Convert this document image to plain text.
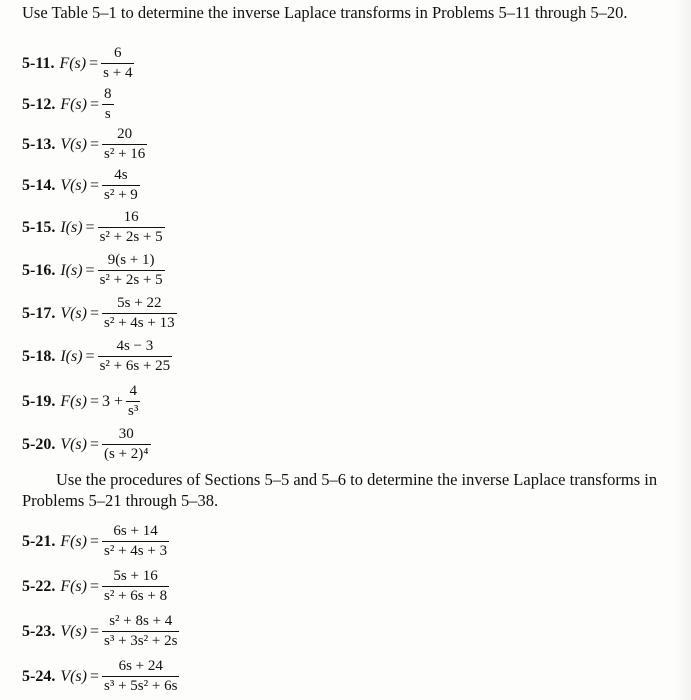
Use Table 5–1 to determine the inverse Laplace transforms in Problems 5–11 through 5–20.
5-11. $F(s) = \frac{6}{s + 4}$
5-12. $F(s) = \frac{8}{s}$
5-13. $V(s) = \frac{20}{\text{s² + 16}}$
5-14. $V(s) = \frac{4s}{\text{s² + 9}}$
5-15. $I(s) = \frac{16}{\text{s² + 2s + 5}}$
5-16. $I(s) = \frac{9(s + 1)}{\text{s² + 2s + 5}}$
5-17. $V(s) = \frac{5s + 22}{\text{s² + 4s + 13}}$
5-18. $I(s) = \frac{4s - 3}{\text{s² + 6s + 25}}$
5-19. $F(s) = 3 + \frac{4}{\text{s³}}$
5-20. $V(s) = \frac{30}{\text{(s + 2)⁴}}$
Use the procedures of Sections 5–5 and 5–6 to determine the inverse Laplace transforms in Problems 5–21 through 5–38.
5-21. $F(s) = \frac{6s + 14}{\text{s² + 4s + 3}}$
5-22. $F(s) = \frac{5s + 16}{\text{s² + 6s + 8}}$
5-23. $V(s) = \frac{\text{s² + 8s + 4}}{\text{s³ + 3s² + 2s}}$
5-24. $V(s) = \frac{6s + 24}{\text{s³ + 5s² + 6s}}$
